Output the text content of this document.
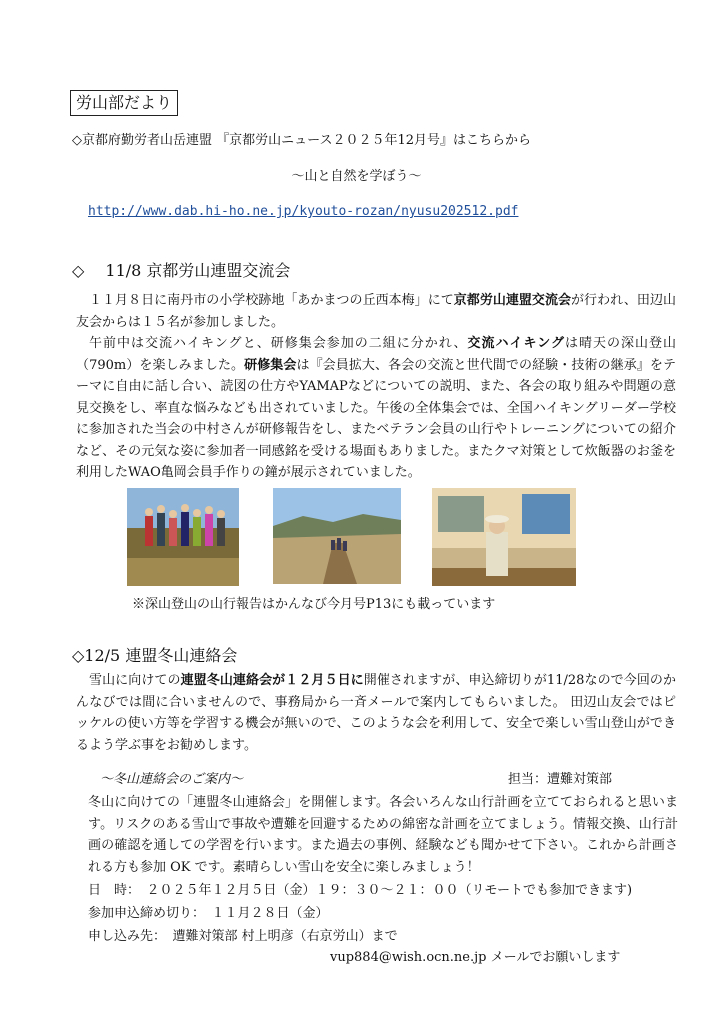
労山部だより
◇京都府勤労者山岳連盟 『京都労山ニュース２０２５年12月号』はこちらから
～山と自然を学ぼう～
http://www.dab.hi-ho.ne.jp/kyouto-rozan/nyusu202512.pdf
◇　 11/8 京都労山連盟交流会
１１月８日に南丹市の小学校跡地「あかまつの丘西本梅」にて京都労山連盟交流会が行われ、田辺山友会からは１５名が参加しました。
午前中は交流ハイキングと、研修集会参加の二組に分かれ、交流ハイキングは晴天の深山登山（790m）を楽しみました。研修集会は『会員拡大、各会の交流と世代間での経験・技術の継承』をテーマに自由に話し合い、読図の仕方やYAMAPなどについての説明、また、各会の取り組みや問題の意見交換をし、率直な悩みなども出されていました。午後の全体集会では、全国ハイキングリーダー学校に参加された当会の中村さんが研修報告をし、またベテラン会員の山行やトレーニングについての紹介など、その元気な姿に参加者一同感銘を受ける場面もありました。またクマ対策として炊飯器のお釜を利用したWAO亀岡会員手作りの鐘が展示されていました。
※深山登山の山行報告はかんなび今月号P13にも載っています
◇12/5 連盟冬山連絡会
雪山に向けての連盟冬山連絡会が１２月５日に開催されますが、申込締切りが11/28なので今回のかんなびでは間に合いませんので、事務局から一斉メールで案内してもらいました。 田辺山友会ではピッケルの使い方等を学習する機会が無いので、このような会を利用して、安全で楽しい雪山登山ができるよう学ぶ事をお勧めします。
～冬山連絡会のご案内～	担当：遭難対策部
冬山に向けての「連盟冬山連絡会」を開催します。各会いろんな山行計画を立てておられると思います。リスクのある雪山で事故や遭難を回避するための綿密な計画を立てましょう。情報交換、山行計画の確認を通しての学習を行います。また過去の事例、経験なども聞かせて下さい。これから計画される方も参加 OK です。素晴らしい雪山を安全に楽しみましょう！
日　時：　２０２５年１２月５日（金）１９：３０～２１：００（リモートでも参加できます)
参加申込締め切り：　１１月２８日（金）
申し込み先：　遭難対策部 村上明彦（右京労山）まで
vup884@wish.ocn.ne.jp メールでお願いします
